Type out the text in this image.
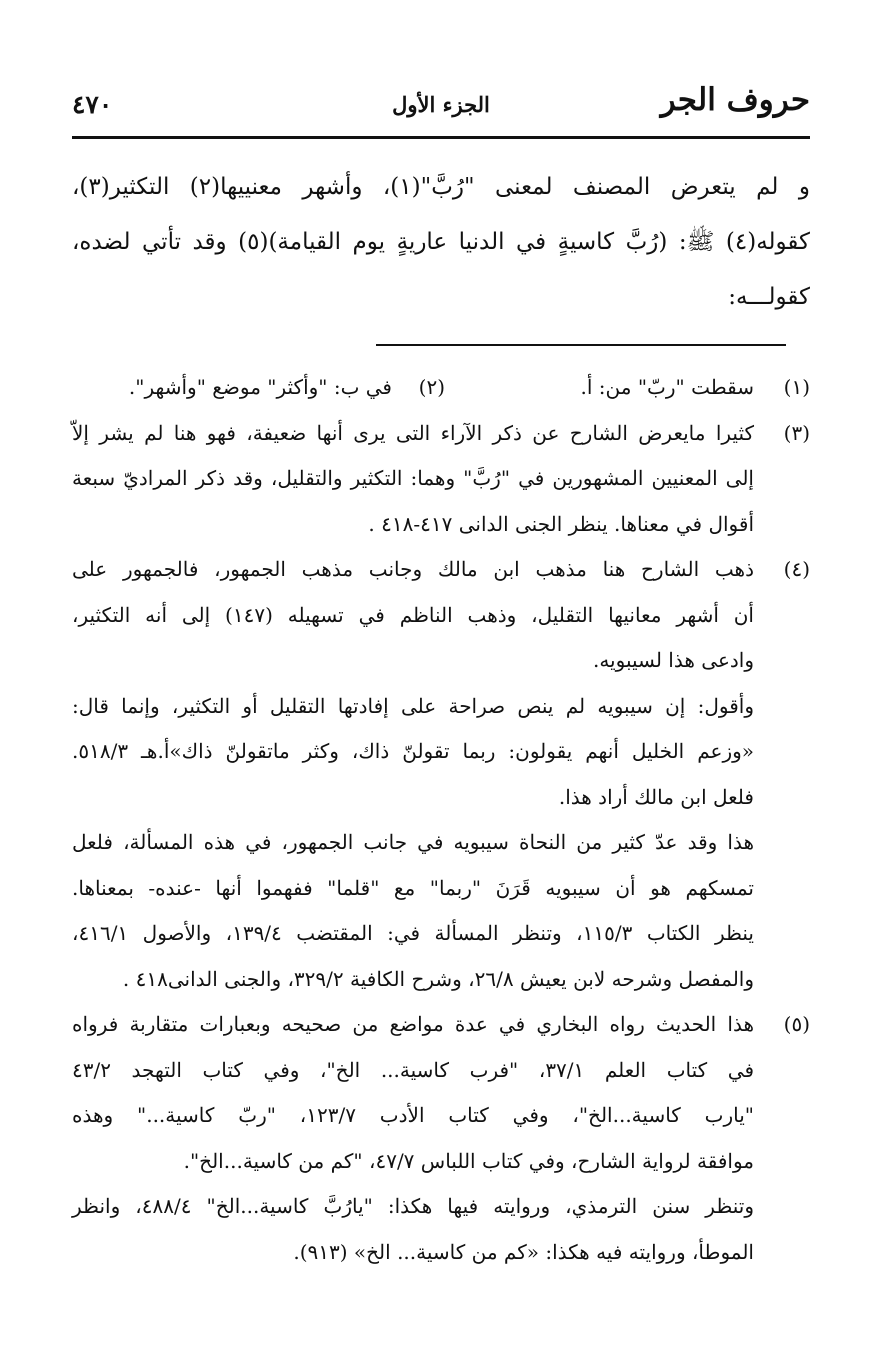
حروف الجر
الجزء الأول
٤٧٠
و لم يتعرض المصنف لمعنى "رُبَّ"(١)، وأشهر معنييها(٢) التكثير(٣)،
كقوله(٤) ﷺ: (رُبَّ كاسيةٍ في الدنيا عاريةٍ يوم القيامة)(٥) وقد تأتي لضده،
كقولـــه:
(١)
سقطت "ربّ" من: أ.
(٢)
في ب: "وأكثر" موضع "وأشهر".
(٣)
كثيرا مايعرض الشارح عن ذكر الآراء التى يرى أنها ضعيفة، فهو هنا لم يشر إلاّ
إلى المعنيين المشهورين في "رُبَّ" وهما: التكثير والتقليل، وقد ذكر المراديّ سبعة
أقوال في معناها. ينظر الجنى الدانى ٤١٧-٤١٨ .
(٤)
ذهب الشارح هنا مذهب ابن مالك وجانب مذهب الجمهور، فالجمهور على
أن أشهر معانيها التقليل، وذهب الناظم في تسهيله (١٤٧) إلى أنه التكثير،
وادعى هذا لسيبويه.
وأقول: إن سيبويه لم ينص صراحة على إفادتها التقليل أو التكثير، وإنما قال:
«وزعم الخليل أنهم يقولون: ربما تقولنّ ذاك، وكثر ماتقولنّ ذاك»أ.هـ ٥١٨/٣.
فلعل ابن مالك أراد هذا.
هذا وقد عدّ كثير من النحاة سيبويه في جانب الجمهور، في هذه المسألة، فلعل
تمسكهم هو أن سيبويه قَرَنَ "ربما" مع "قلما" ففهموا أنها -عنده- بمعناها.
ينظر الكتاب ١١٥/٣، وتنظر المسألة في: المقتضب ١٣٩/٤، والأصول ٤١٦/١،
والمفصل وشرحه لابن يعيش ٢٦/٨، وشرح الكافية ٣٢٩/٢، والجنى الدانى٤١٨ .
(٥)
هذا الحديث رواه البخاري في عدة مواضع من صحيحه وبعبارات متقاربة فرواه
في كتاب العلم ٣٧/١، "فرب كاسية... الخ"، وفي كتاب التهجد ٤٣/٢
"يارب كاسية...الخ"، وفي كتاب الأدب ١٢٣/٧، "ربّ كاسية..." وهذه
موافقة لرواية الشارح، وفي كتاب اللباس ٤٧/٧، "كم من كاسية...الخ".
وتنظر سنن الترمذي، وروايته فيها هكذا: "يارُبَّ كاسية...الخ" ٤٨٨/٤، وانظر
الموطأ، وروايته فيه هكذا: «كم من كاسية... الخ» (٩١٣).
